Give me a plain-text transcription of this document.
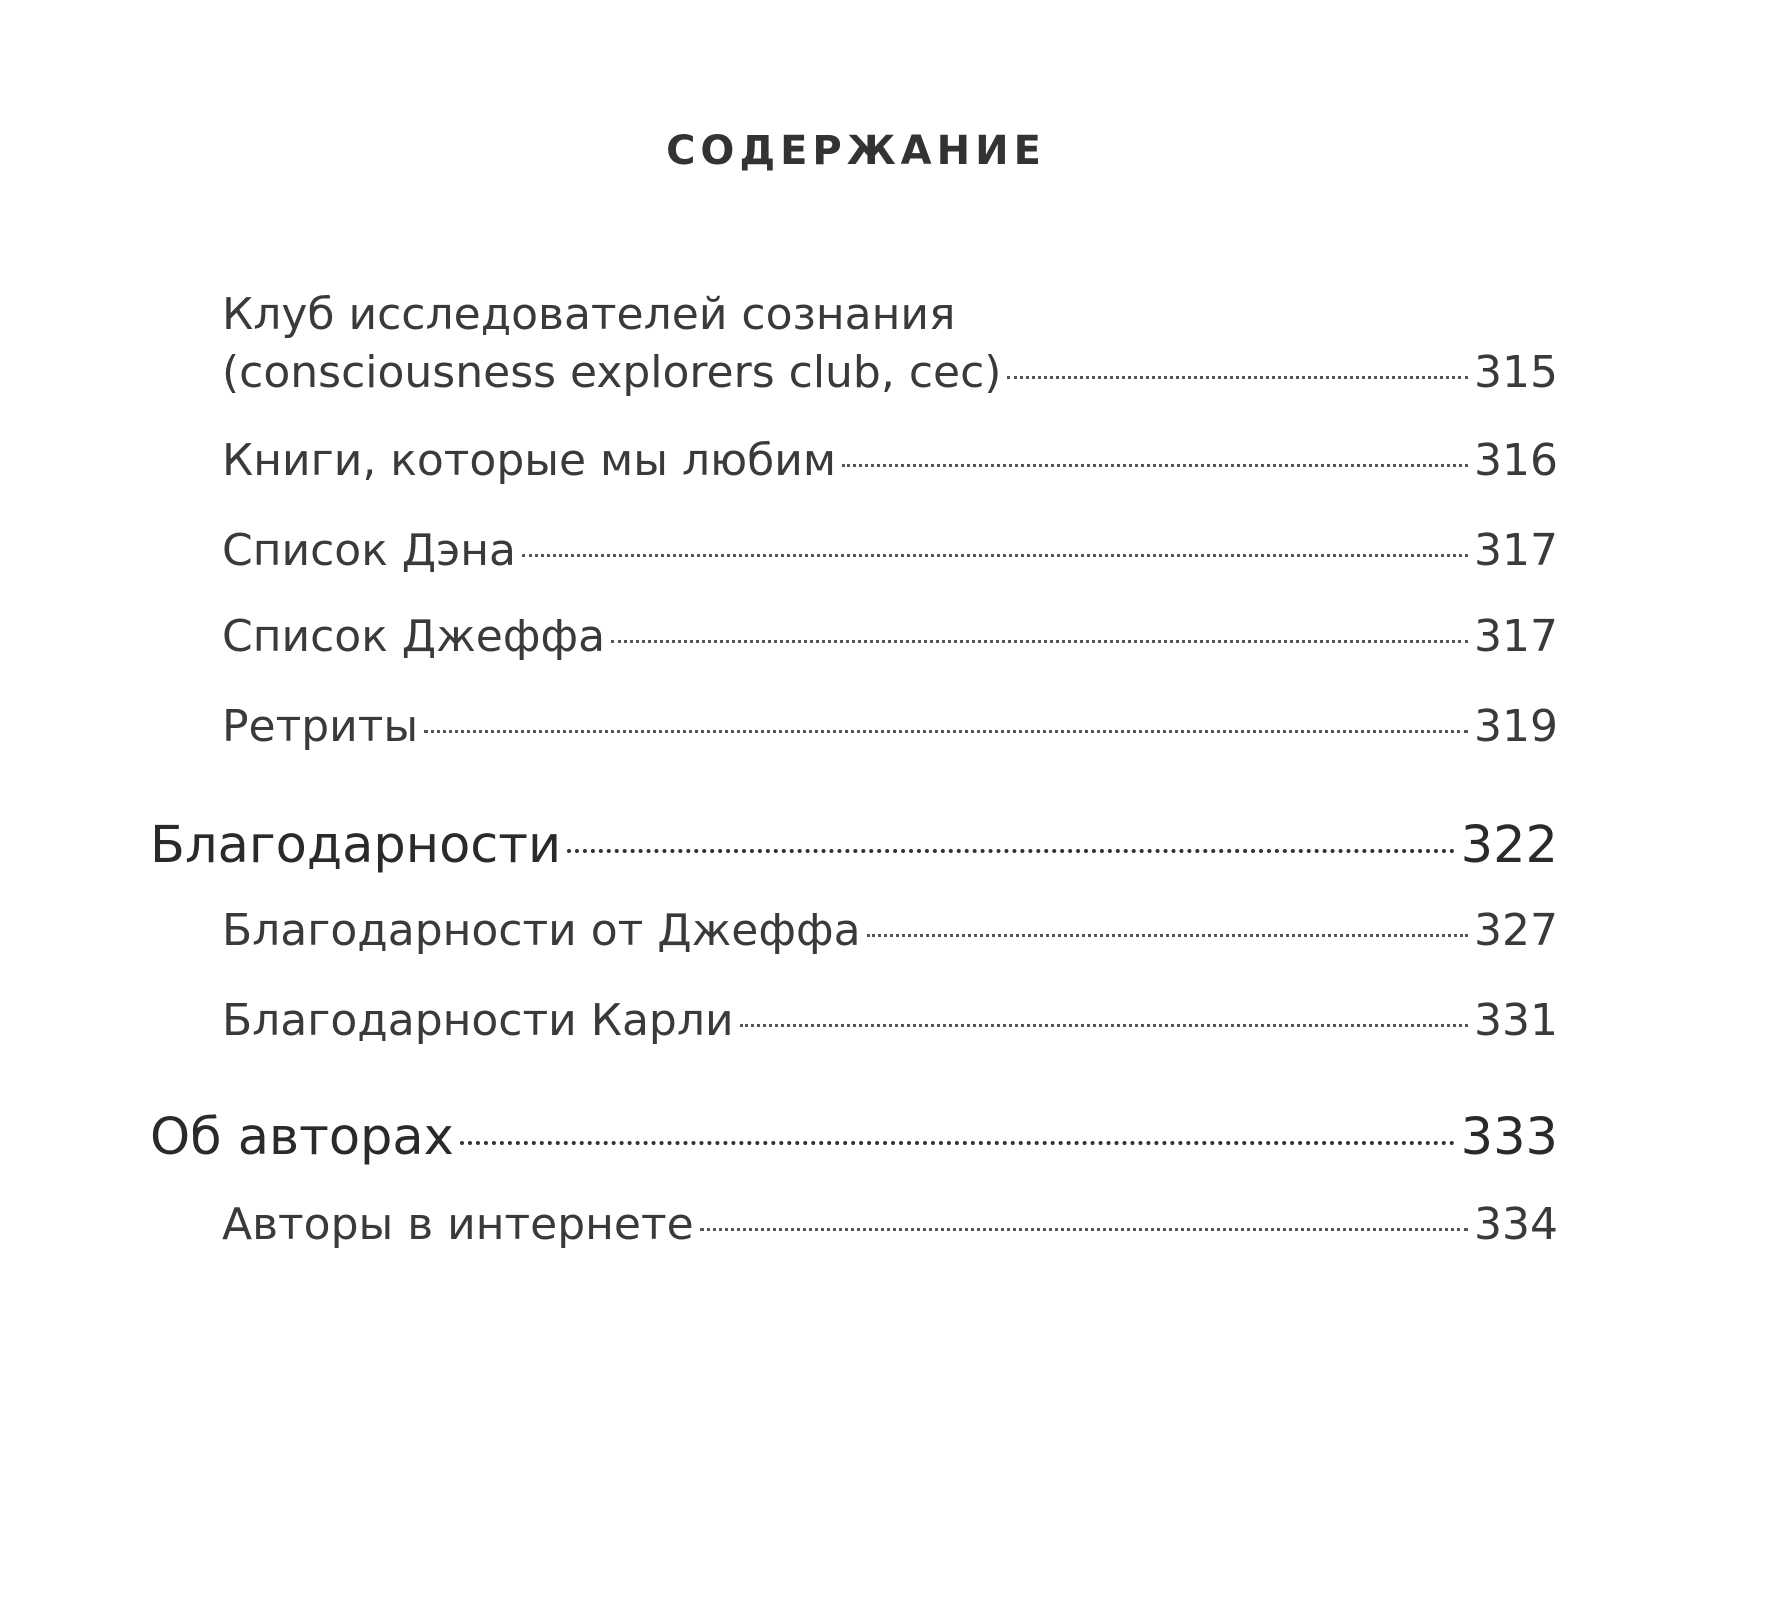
СОДЕРЖАНИЕ
Клуб исследователей сознания
(consciousness explorers club, cec)	315
Книги, которые мы любим	316
Список Дэна	317
Список Джеффа	317
Ретриты	319
Благодарности	322
Благодарности от Джеффа	327
Благодарности Карли	331
Об авторах	333
Авторы в интернете	334
